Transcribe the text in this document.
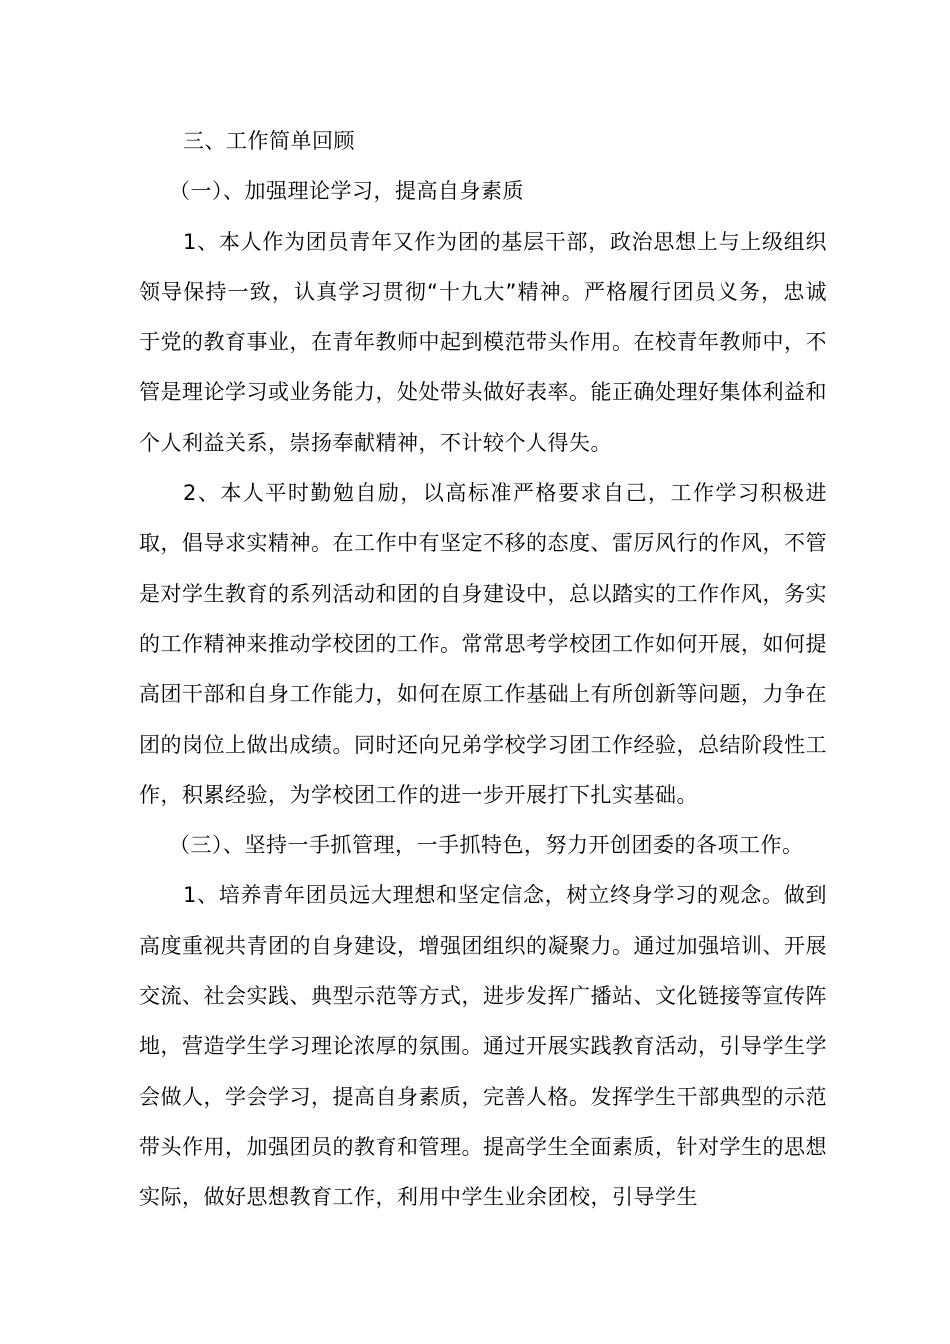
三、工作简单回顾

（一）、加强理论学习，提高自身素质

1、本人作为团员青年又作为团的基层干部，政治思想上与上级组织领导保持一致，认真学习贯彻“十九大”精神。严格履行团员义务，忠诚于党的教育事业，在青年教师中起到模范带头作用。在校青年教师中，不管是理论学习或业务能力，处处带头做好表率。能正确处理好集体利益和个人利益关系，崇扬奉献精神，不计较个人得失。

2、本人平时勤勉自励，以高标准严格要求自己，工作学习积极进取，倡导求实精神。在工作中有坚定不移的态度、雷厉风行的作风，不管是对学生教育的系列活动和团的自身建设中，总以踏实的工作作风，务实的工作精神来推动学校团的工作。常常思考学校团工作如何开展，如何提高团干部和自身工作能力，如何在原工作基础上有所创新等问题，力争在团的岗位上做出成绩。同时还向兄弟学校学习团工作经验，总结阶段性工作，积累经验，为学校团工作的进一步开展打下扎实基础。

（三）、坚持一手抓管理，一手抓特色，努力开创团委的各项工作。

1、培养青年团员远大理想和坚定信念，树立终身学习的观念。做到高度重视共青团的自身建设，增强团组织的凝聚力。通过加强培训、开展交流、社会实践、典型示范等方式，进步发挥广播站、文化链接等宣传阵地，营造学生学习理论浓厚的氛围。通过开展实践教育活动，引导学生学会做人，学会学习，提高自身素质，完善人格。发挥学生干部典型的示范带头作用，加强团员的教育和管理。提高学生全面素质，针对学生的思想实际，做好思想教育工作，利用中学生业余团校，引导学生
